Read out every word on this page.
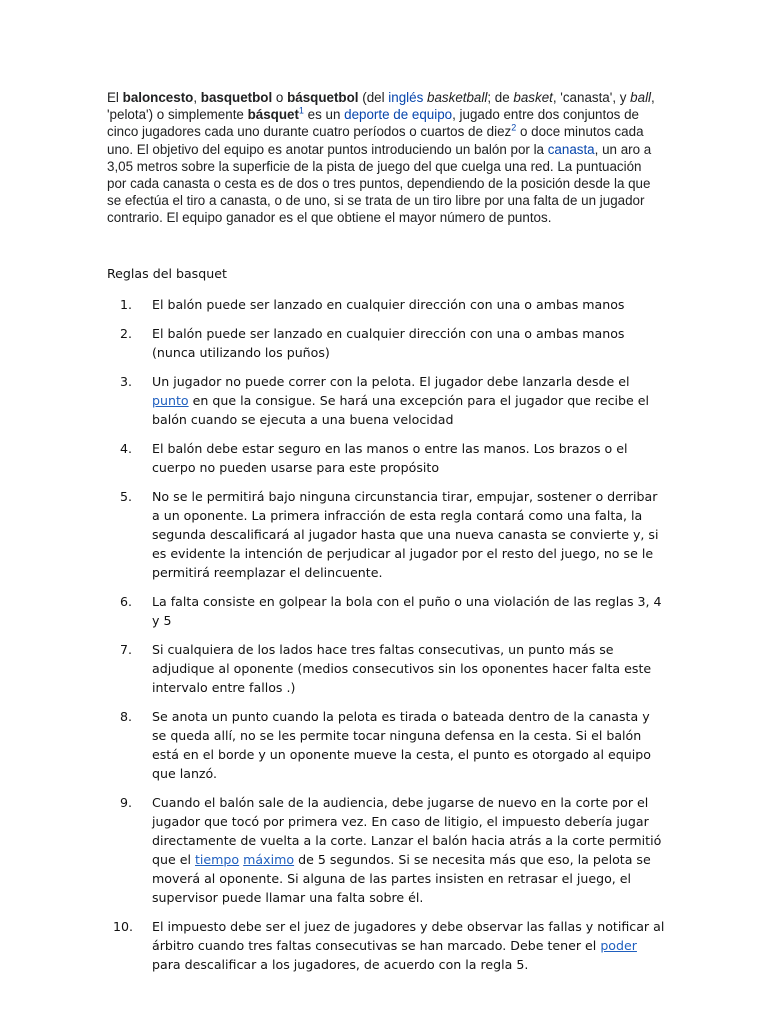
El baloncesto, basquetbol o básquetbol (del inglés basketball; de basket, 'canasta', y ball, 'pelota') o simplemente básquet$^1$ es un deporte de equipo, jugado entre dos conjuntos de cinco jugadores cada uno durante cuatro períodos o cuartos de diez$^2$ o doce minutos cada uno. El objetivo del equipo es anotar puntos introduciendo un balón por la canasta, un aro a 3,05 metros sobre la superficie de la pista de juego del que cuelga una red. La puntuación por cada canasta o cesta es de dos o tres puntos, dependiendo de la posición desde la que se efectúa el tiro a canasta, o de uno, si se trata de un tiro libre por una falta de un jugador contrario. El equipo ganador es el que obtiene el mayor número de puntos.

Reglas del basquet
1. El balón puede ser lanzado en cualquier dirección con una o ambas manos
2. El balón puede ser lanzado en cualquier dirección con una o ambas manos (nunca utilizando los puños)
3. Un jugador no puede correr con la pelota. El jugador debe lanzarla desde el punto en que la consigue. Se hará una excepción para el jugador que recibe el balón cuando se ejecuta a una buena velocidad
4. El balón debe estar seguro en las manos o entre las manos. Los brazos o el cuerpo no pueden usarse para este propósito
5. No se le permitirá bajo ninguna circunstancia tirar, empujar, sostener o derribar a un oponente. La primera infracción de esta regla contará como una falta, la segunda descalificará al jugador hasta que una nueva canasta se convierte y, si es evidente la intención de perjudicar al jugador por el resto del juego, no se le permitirá reemplazar el delincuente.
6. La falta consiste en golpear la bola con el puño o una violación de las reglas 3, 4 y 5
7. Si cualquiera de los lados hace tres faltas consecutivas, un punto más se adjudique al oponente (medios consecutivos sin los oponentes hacer falta este intervalo entre fallos .)
8. Se anota un punto cuando la pelota es tirada o bateada dentro de la canasta y se queda allí, no se les permite tocar ninguna defensa en la cesta. Si el balón está en el borde y un oponente mueve la cesta, el punto es otorgado al equipo que lanzó.
9. Cuando el balón sale de la audiencia, debe jugarse de nuevo en la corte por el jugador que tocó por primera vez. En caso de litigio, el impuesto debería jugar directamente de vuelta a la corte. Lanzar el balón hacia atrás a la corte permitió que el tiempo máximo de 5 segundos. Si se necesita más que eso, la pelota se moverá al oponente. Si alguna de las partes insisten en retrasar el juego, el supervisor puede llamar una falta sobre él.
10. El impuesto debe ser el juez de jugadores y debe observar las fallas y notificar al árbitro cuando tres faltas consecutivas se han marcado. Debe tener el poder para descalificar a los jugadores, de acuerdo con la regla 5.
